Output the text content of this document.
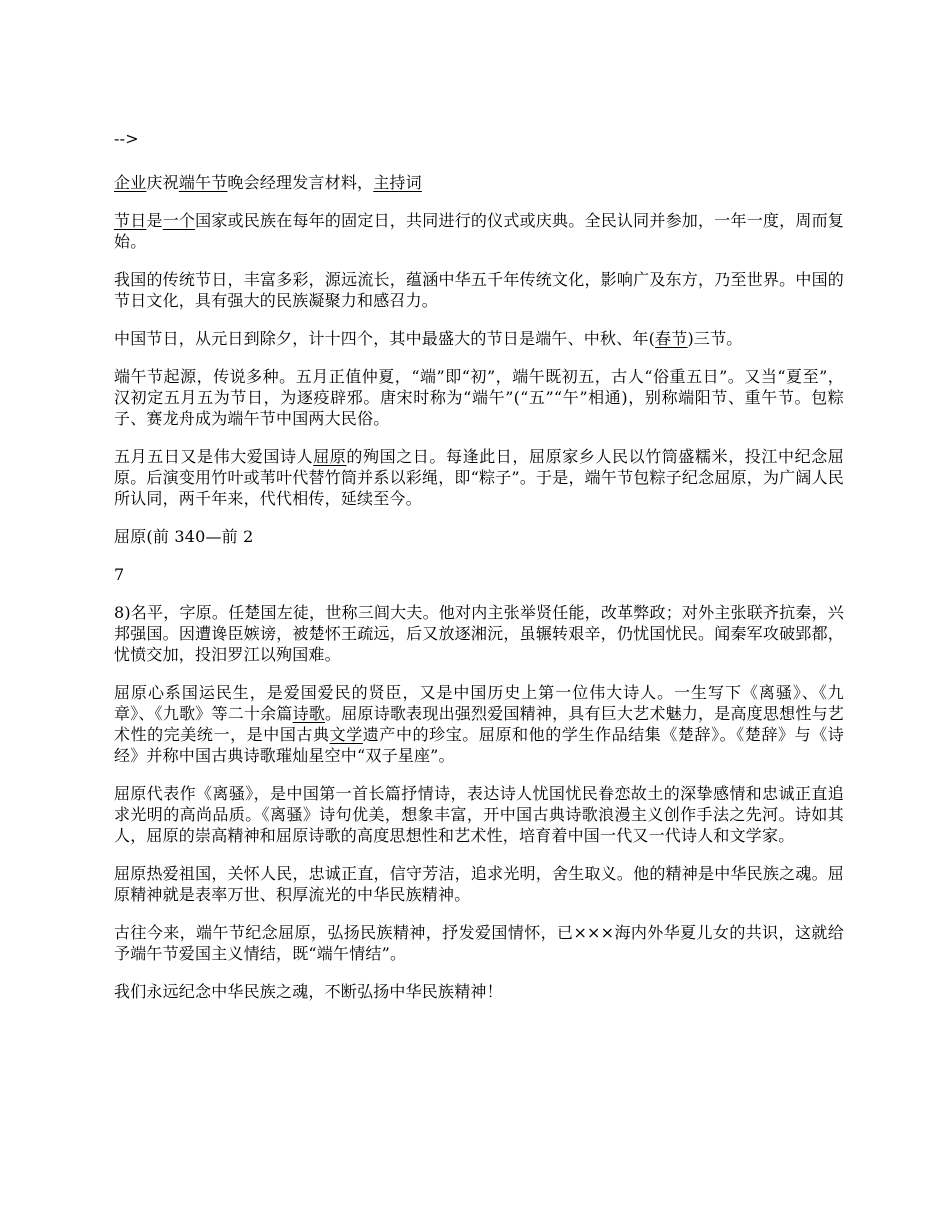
-->

企业庆祝端午节晚会经理发言材料，主持词

节日是一个国家或民族在每年的固定日，共同进行的仪式或庆典。全民认同并参加，一年一度，周而复始。

我国的传统节日，丰富多彩，源远流长，蕴涵中华五千年传统文化，影响广及东方，乃至世界。中国的节日文化，具有强大的民族凝聚力和感召力。

中国节日，从元日到除夕，计十四个，其中最盛大的节日是端午、中秋、年(春节)三节。

端午节起源，传说多种。五月正值仲夏，“端”即“初”，端午既初五，古人“俗重五日”。又当“夏至”，汉初定五月五为节日，为逐疫辟邪。唐宋时称为“端午”(“五”“午”相通)，别称端阳节、重午节。包粽子、赛龙舟成为端午节中国两大民俗。

五月五日又是伟大爱国诗人屈原的殉国之日。每逢此日，屈原家乡人民以竹筒盛糯米，投江中纪念屈原。后演变用竹叶或苇叶代替竹筒并系以彩绳，即“粽子”。于是，端午节包粽子纪念屈原，为广阔人民所认同，两千年来，代代相传，延续至今。

屈原(前 340—前 2

7

8)名平，字原。任楚国左徒，世称三闾大夫。他对内主张举贤任能，改革弊政；对外主张联齐抗秦，兴邦强国。因遭谗臣嫉谤，被楚怀王疏远，后又放逐湘沅，虽辗转艰辛，仍忧国忧民。闻秦军攻破郢都，忧愤交加，投汨罗江以殉国难。

屈原心系国运民生，是爱国爱民的贤臣，又是中国历史上第一位伟大诗人。一生写下《离骚》、《九章》、《九歌》等二十余篇诗歌。屈原诗歌表现出强烈爱国精神，具有巨大艺术魅力，是高度思想性与艺术性的完美统一，是中国古典文学遗产中的珍宝。屈原和他的学生作品结集《楚辞》。《楚辞》与《诗经》并称中国古典诗歌璀灿星空中“双子星座”。

屈原代表作《离骚》，是中国第一首长篇抒情诗，表达诗人忧国忧民眷恋故土的深挚感情和忠诚正直追求光明的高尚品质。《离骚》诗句优美，想象丰富，开中国古典诗歌浪漫主义创作手法之先河。诗如其人，屈原的崇高精神和屈原诗歌的高度思想性和艺术性，培育着中国一代又一代诗人和文学家。

屈原热爱祖国，关怀人民，忠诚正直，信守芳洁，追求光明，舍生取义。他的精神是中华民族之魂。屈原精神就是表率万世、积厚流光的中华民族精神。

古往今来，端午节纪念屈原，弘扬民族精神，抒发爱国情怀，已×××海内外华夏儿女的共识，这就给予端午节爱国主义情结，既“端午情结”。

我们永远纪念中华民族之魂，不断弘扬中华民族精神！
